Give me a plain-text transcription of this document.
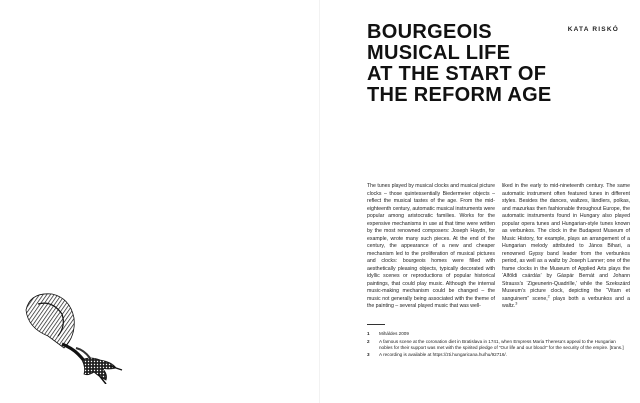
BOURGEOIS
MUSICAL LIFE
AT THE START OF
THE REFORM AGE
KATA RISKÓ

The tunes played by musical clocks and musical picture clocks – those quintessentially Biedermeier objects – reflect the musical tastes of the age. From the mid-eighteenth century, automatic musical instruments were popular among aristocratic families. Works for the expensive mechanisms in use at that time were written by the most renowned composers: Joseph Haydn, for example, wrote many such pieces. At the end of the century, the appearance of a new and cheaper mechanism led to the proliferation of musical pictures and clocks: bourgeois homes were filled with aesthetically pleasing objects, typically decorated with idyllic scenes or reproductions of popular historical paintings, that could play music. Although the internal music-making mechanism could be changed – the music not generally being associated with the theme of the painting – several played music that was well-

liked in the early to mid-nineteenth century. The same automatic instrument often featured tunes in different styles. Besides the dances, waltzes, ländlers, polkas, and mazurkas then fashionable throughout Europe, the automatic instruments found in Hungary also played popular opera tunes and Hungarian-style tunes known as verbunkos. The clock in the Budapest Museum of Music History, for example, plays an arrangement of a Hungarian melody attributed to János Bihari, a renowned Gypsy band leader from the verbunkos period, as well as a waltz by Joseph Lanner; one of the frame clocks in the Museum of Applied Arts plays the ‘Alföldi csárdás’ by Gáspár Bernát and Johann Strauss’s ‘Zigeunerin-Quadrille,’ while the Szekszárd Museum’s picture clock, depicting the “Vitam et sanguinem” scene,$^2$ plays both a verbunkos and a waltz.$^3$

1	Miháldes 2009
2	A famous scene at the coronation diet in Bratislava in 1741, when Empress Maria Theresa’s appeal to the Hungarian nobles for their support was met with the spirited pledge of “Our life and our blood!” for the security of the empire. [trans.]
3	A recording is available at https://zti.hungaricana.hu/hu/92716/.
